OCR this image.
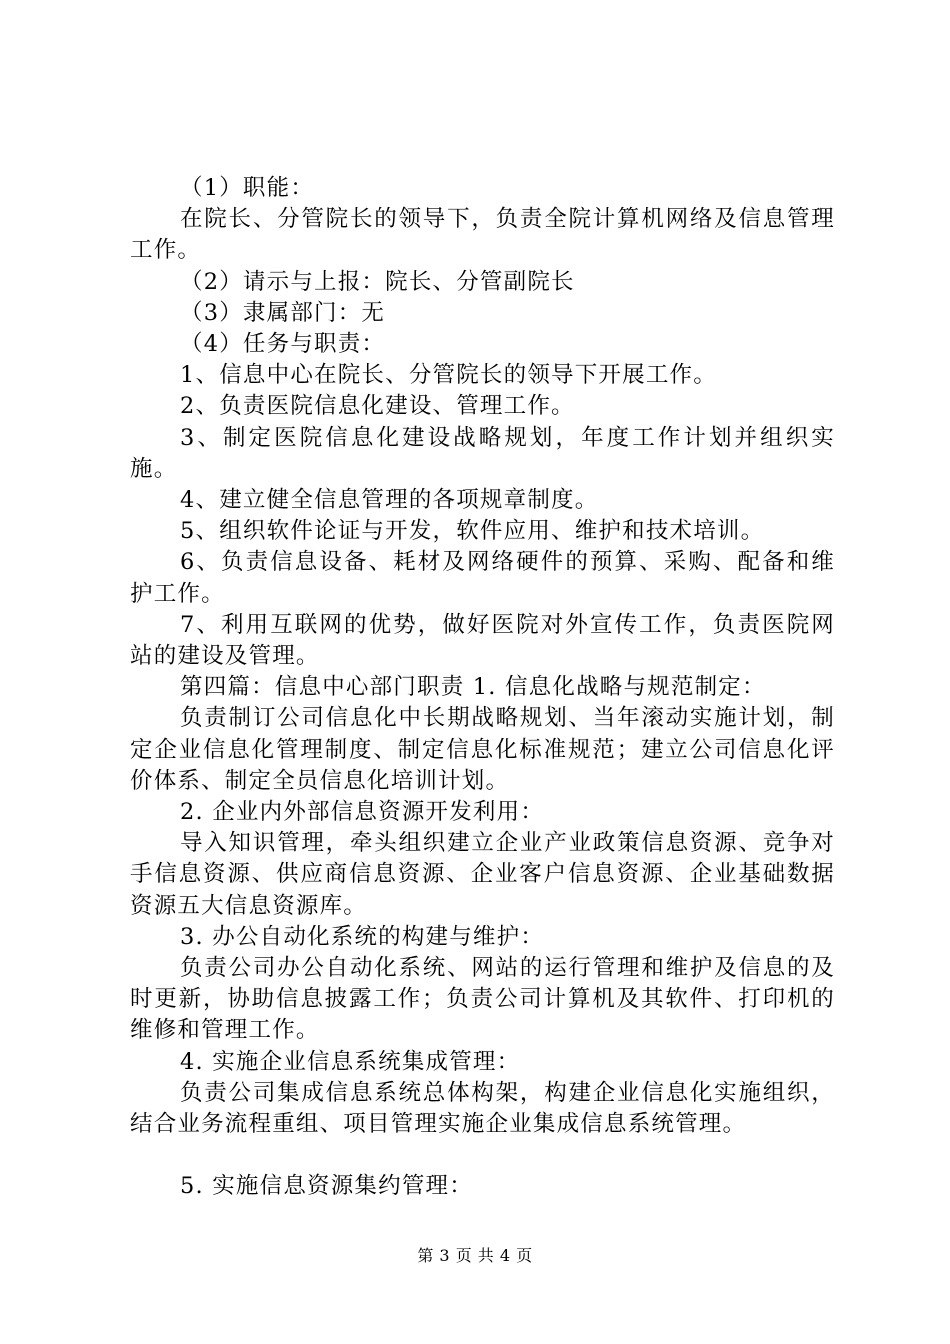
（1）职能：

在院长、分管院长的领导下，负责全院计算机网络及信息管理工作。

（2）请示与上报：院长、分管副院长

（3）隶属部门：无

（4）任务与职责：

1、信息中心在院长、分管院长的领导下开展工作。

2、负责医院信息化建设、管理工作。

3、制定医院信息化建设战略规划，年度工作计划并组织实施。

4、建立健全信息管理的各项规章制度。

5、组织软件论证与开发，软件应用、维护和技术培训。

6、负责信息设备、耗材及网络硬件的预算、采购、配备和维护工作。

7、利用互联网的优势，做好医院对外宣传工作，负责医院网站的建设及管理。

第四篇：信息中心部门职责 1. 信息化战略与规范制定：

负责制订公司信息化中长期战略规划、当年滚动实施计划，制定企业信息化管理制度、制定信息化标准规范；建立公司信息化评价体系、制定全员信息化培训计划。

2. 企业内外部信息资源开发利用：

导入知识管理，牵头组织建立企业产业政策信息资源、竞争对手信息资源、供应商信息资源、企业客户信息资源、企业基础数据资源五大信息资源库。

3. 办公自动化系统的构建与维护：

负责公司办公自动化系统、网站的运行管理和维护及信息的及时更新，协助信息披露工作；负责公司计算机及其软件、打印机的维修和管理工作。

4. 实施企业信息系统集成管理：

负责公司集成信息系统总体构架，构建企业信息化实施组织，结合业务流程重组、项目管理实施企业集成信息系统管理。

5. 实施信息资源集约管理：

第 3 页 共 4 页
